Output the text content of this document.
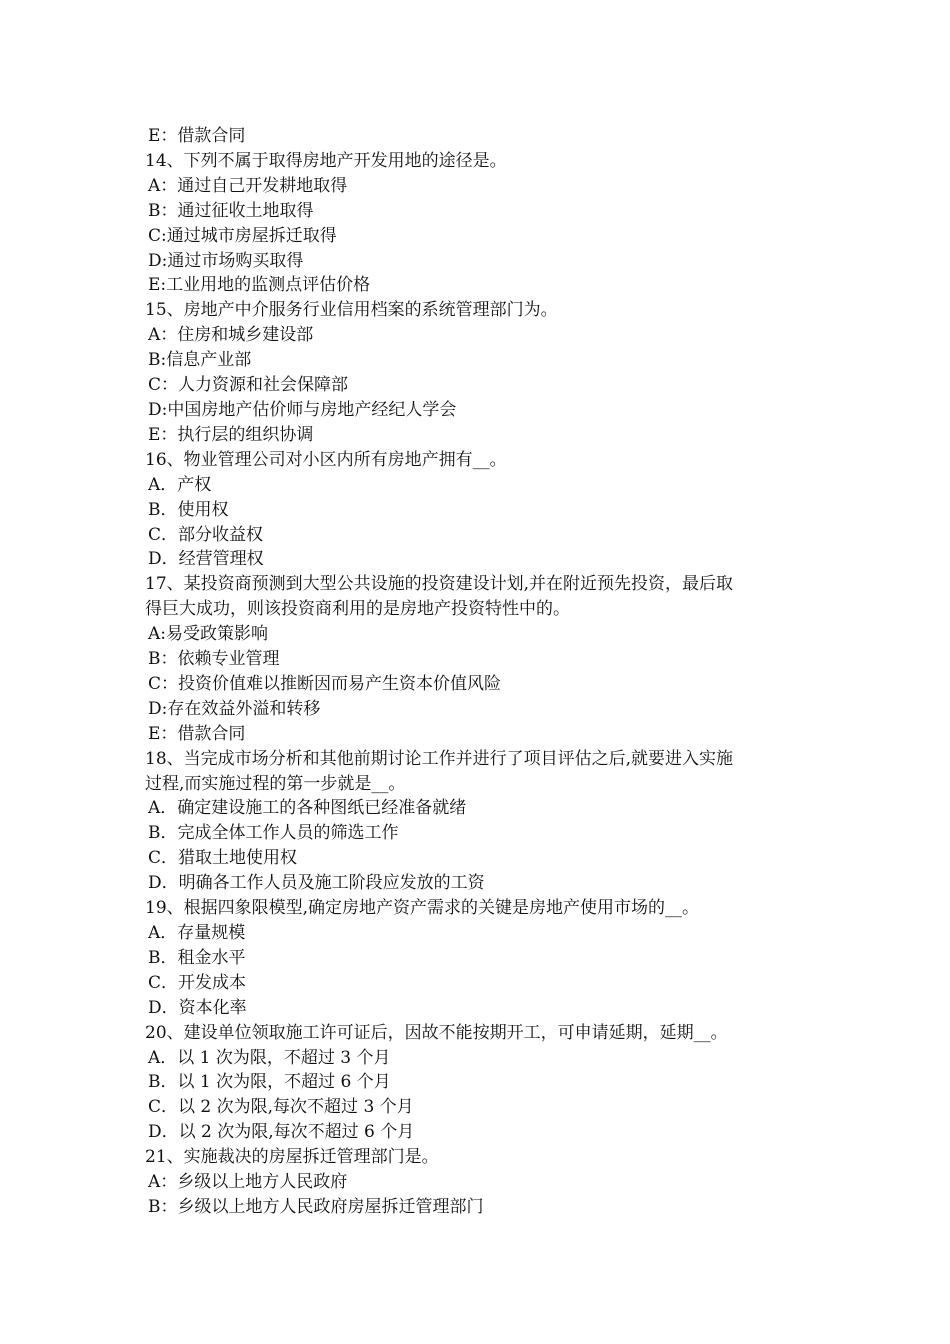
E：借款合同

14、下列不属于取得房地产开发用地的途径是。

A：通过自己开发耕地取得

B：通过征收土地取得

C:通过城市房屋拆迁取得

D:通过市场购买取得

E:工业用地的监测点评估价格

15、房地产中介服务行业信用档案的系统管理部门为。

A：住房和城乡建设部

B:信息产业部

C：人力资源和社会保障部

D:中国房地产估价师与房地产经纪人学会

E：执行层的组织协调

16、物业管理公司对小区内所有房地产拥有__。

A．产权

B．使用权

C．部分收益权

D．经营管理权

17、某投资商预测到大型公共设施的投资建设计划,并在附近预先投资，最后取

得巨大成功，则该投资商利用的是房地产投资特性中的。

A:易受政策影响

B：依赖专业管理

C：投资价值难以推断因而易产生资本价值风险

D:存在效益外溢和转移

E：借款合同

18、当完成市场分析和其他前期讨论工作并进行了项目评估之后,就要进入实施

过程,而实施过程的第一步就是__。

A．确定建设施工的各种图纸已经准备就绪

B．完成全体工作人员的筛选工作

C．猎取土地使用权

D．明确各工作人员及施工阶段应发放的工资

19、根据四象限模型,确定房地产资产需求的关键是房地产使用市场的__。

A．存量规模

B．租金水平

C．开发成本

D．资本化率

20、建设单位领取施工许可证后，因故不能按期开工，可申请延期，延期__。

A．以 1 次为限，不超过 3 个月

B．以 1 次为限，不超过 6 个月

C．以 2 次为限,每次不超过 3 个月

D．以 2 次为限,每次不超过 6 个月

21、实施裁决的房屋拆迁管理部门是。

A：乡级以上地方人民政府

B：乡级以上地方人民政府房屋拆迁管理部门
